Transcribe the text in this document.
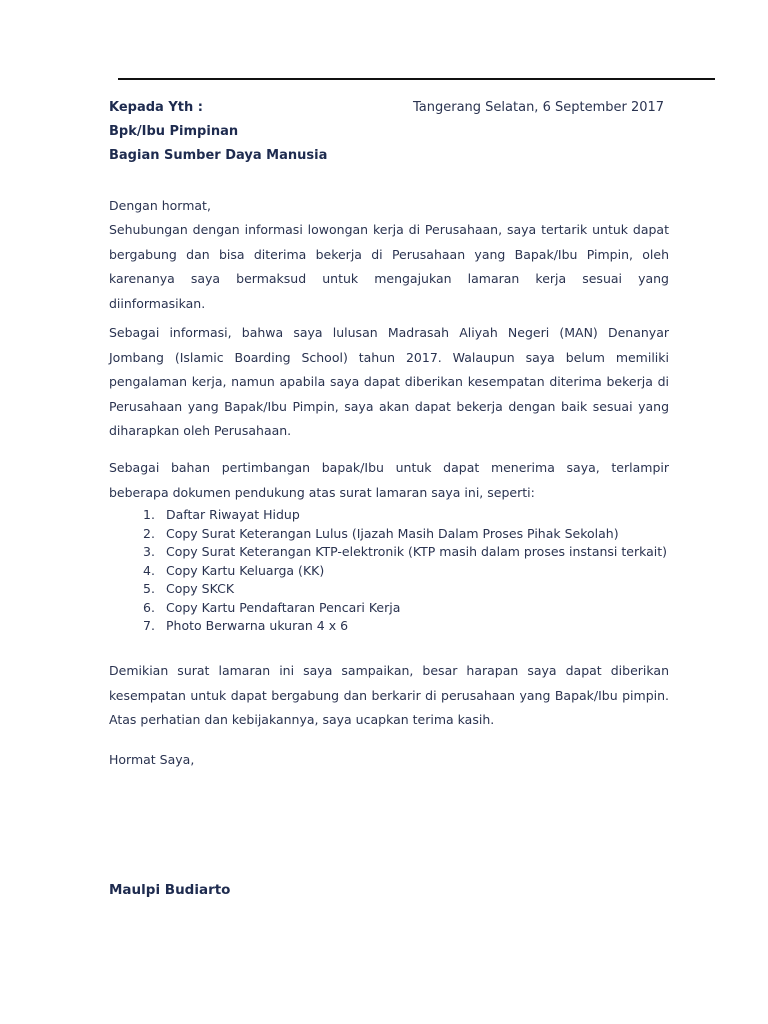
Kepada Yth :	Tangerang Selatan, 6 September 2017

Bpk/Ibu Pimpinan

Bagian Sumber Daya Manusia

Dengan hormat,

Sehubungan dengan informasi lowongan kerja di Perusahaan, saya tertarik untuk dapat bergabung dan bisa diterima bekerja di Perusahaan yang Bapak/Ibu Pimpin, oleh karenanya saya bermaksud untuk mengajukan lamaran kerja sesuai yang diinformasikan.

Sebagai informasi, bahwa saya lulusan Madrasah Aliyah Negeri (MAN) Denanyar Jombang (Islamic Boarding School) tahun 2017. Walaupun saya belum memiliki pengalaman kerja, namun apabila saya dapat diberikan kesempatan diterima bekerja di Perusahaan yang Bapak/Ibu Pimpin, saya akan dapat bekerja dengan baik sesuai yang diharapkan oleh Perusahaan.

Sebagai bahan pertimbangan bapak/Ibu untuk dapat menerima saya, terlampir beberapa dokumen pendukung atas surat lamaran saya ini, seperti:

1. Daftar Riwayat Hidup
2. Copy Surat Keterangan Lulus (Ijazah Masih Dalam Proses Pihak Sekolah)
3. Copy Surat Keterangan KTP-elektronik (KTP masih dalam proses instansi terkait)
4. Copy Kartu Keluarga (KK)
5. Copy SKCK
6. Copy Kartu Pendaftaran Pencari Kerja
7. Photo Berwarna ukuran 4 x 6

Demikian surat lamaran ini saya sampaikan, besar harapan saya dapat diberikan kesempatan untuk dapat bergabung dan berkarir di perusahaan yang Bapak/Ibu pimpin. Atas perhatian dan kebijakannya, saya ucapkan terima kasih.

Hormat Saya,

Maulpi Budiarto
